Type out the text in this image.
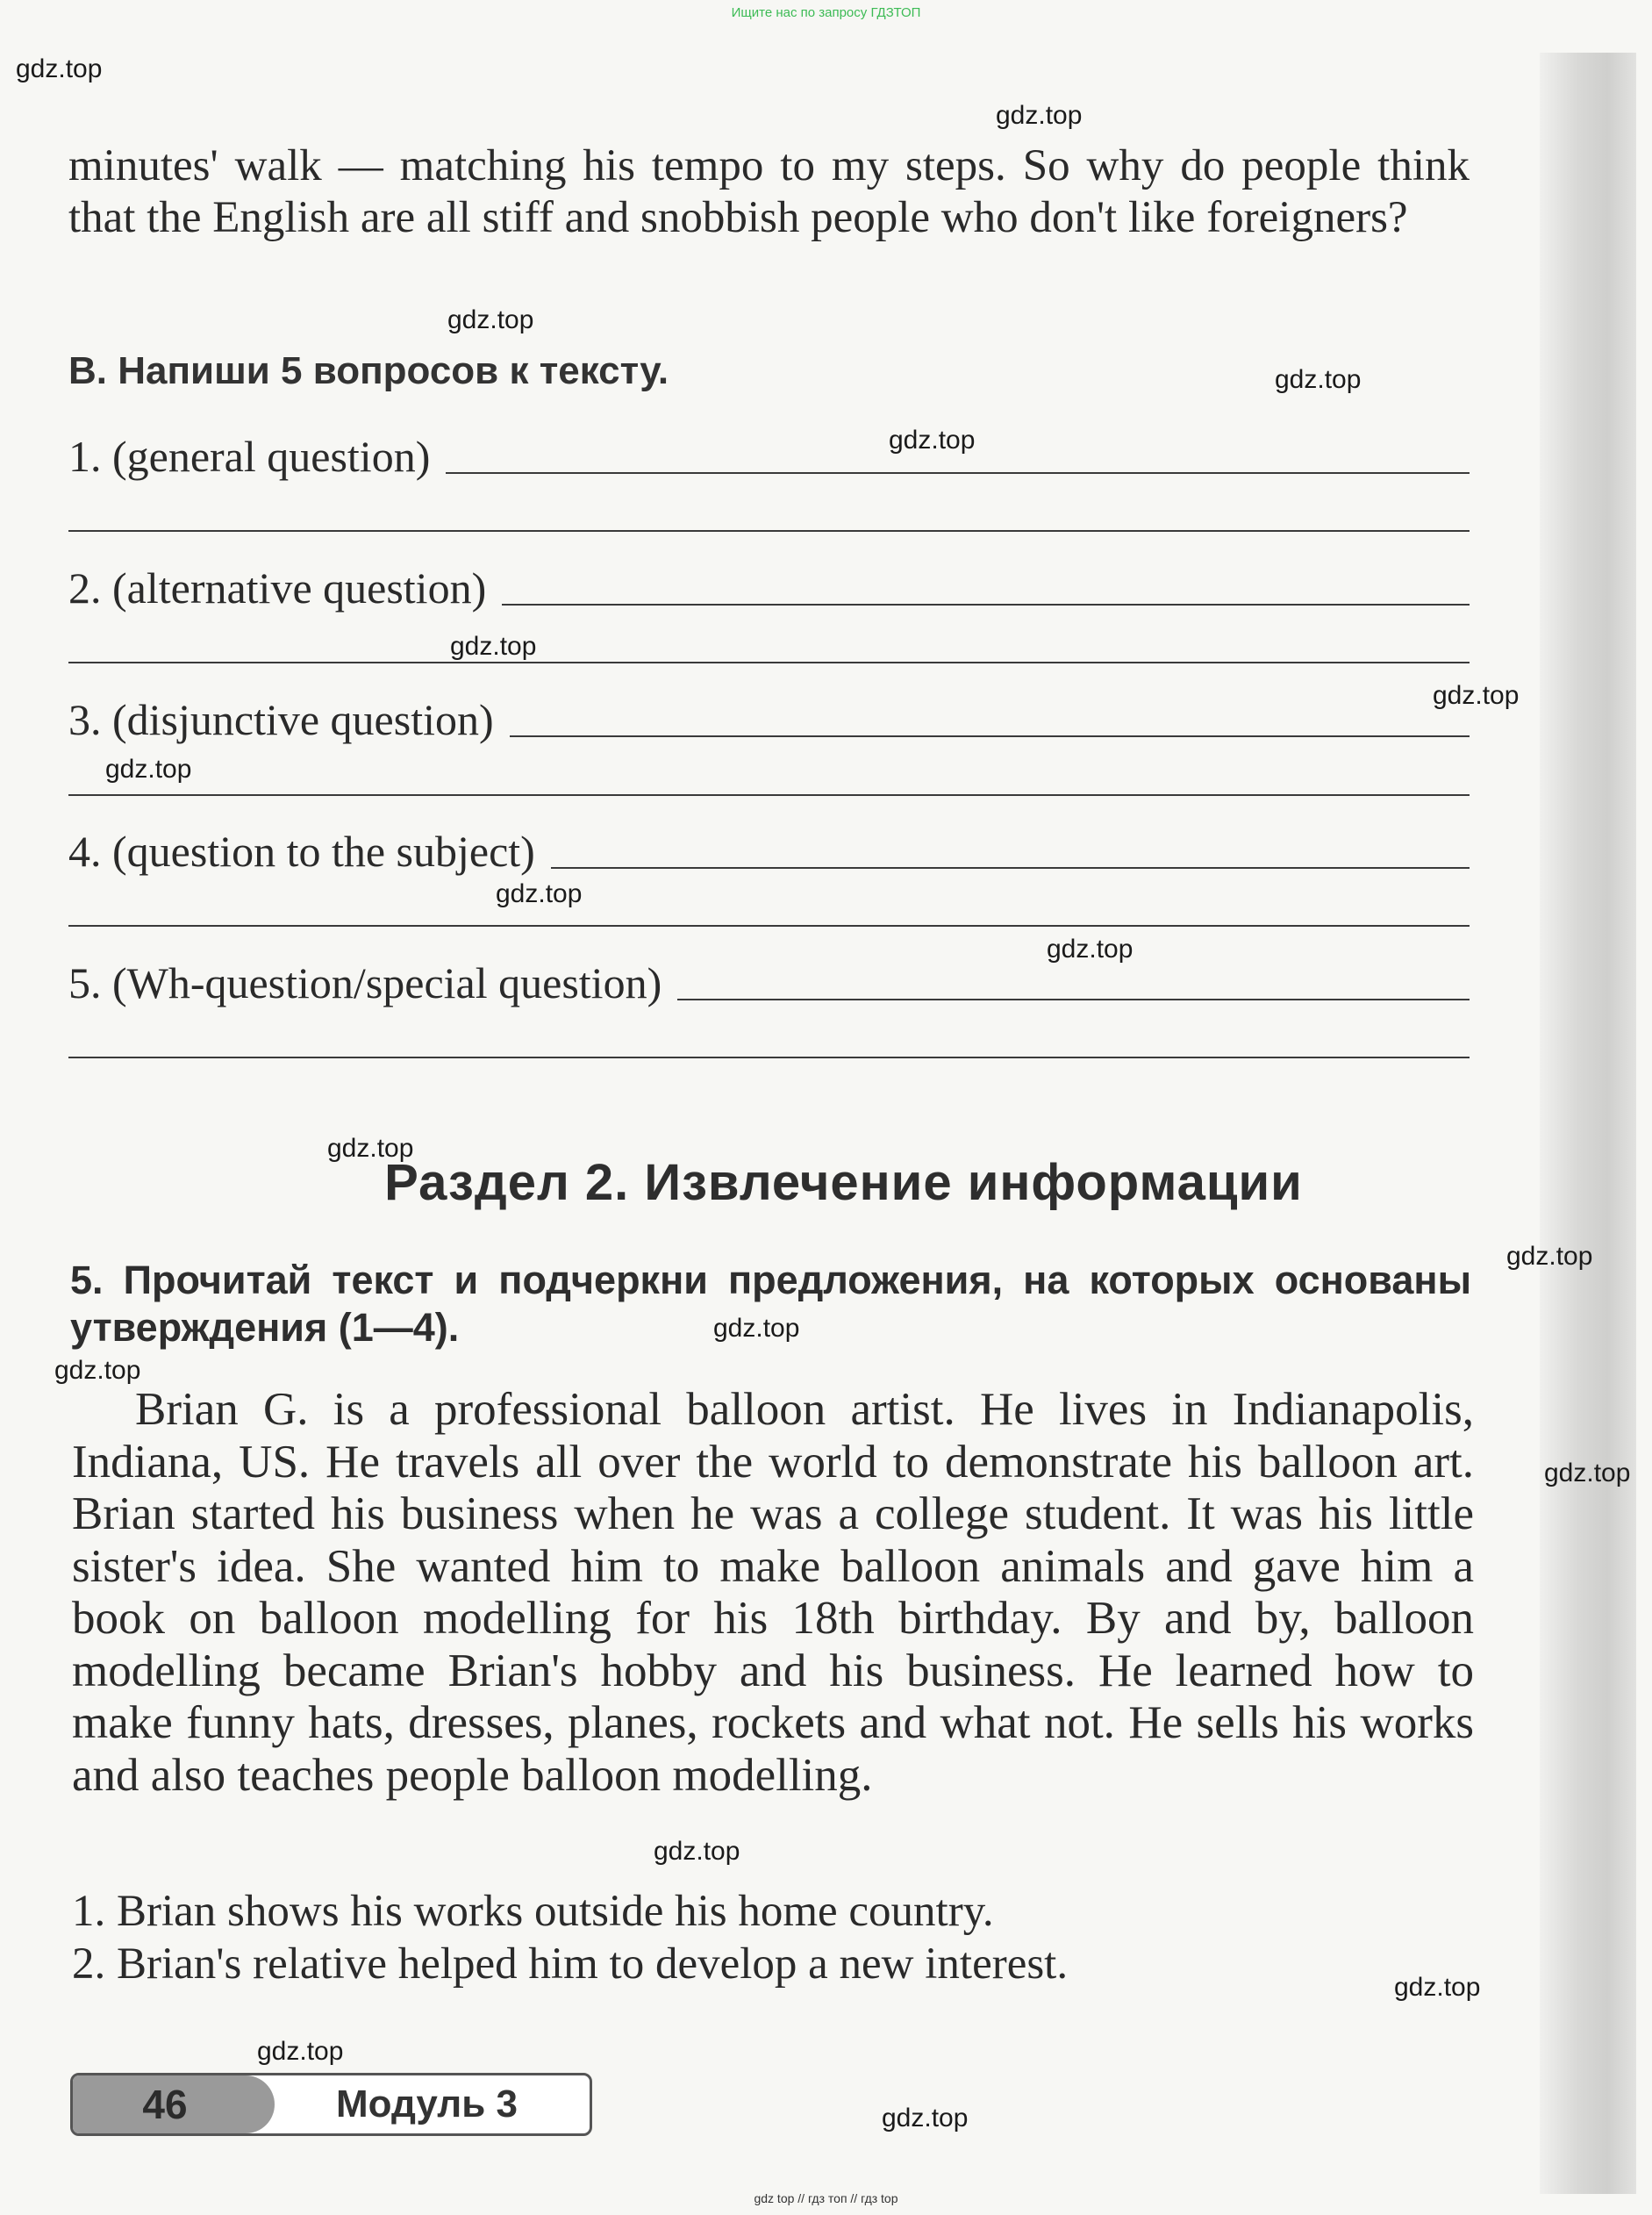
Ищите нас по запросу ГДЗТОП
minutes' walk — matching his tempo to my steps. So why do people think that the English are all stiff and snobbish people who don't like foreigners?
B. Напиши 5 вопросов к тексту.
1. (general question)
2. (alternative question)
3. (disjunctive question)
4. (question to the subject)
5. (Wh-question/special question)
Раздел 2. Извлечение информации
5. Прочитай текст и подчеркни предложения, на которых основаны утверждения (1—4).
Brian G. is a professional balloon artist. He lives in Indianapolis, Indiana, US. He travels all over the world to demonstrate his balloon art. Brian started his business when he was a college student. It was his little sister's idea. She wanted him to make balloon animals and gave him a book on balloon modelling for his 18th birthday. By and by, balloon modelling became Brian's hobby and his business. He learned how to make funny hats, dresses, planes, rockets and what not. He sells his works and also teaches people balloon modelling.
1. Brian shows his works outside his home country.
2. Brian's relative helped him to develop a new interest.
46	Модуль 3
gdz.top
gdz.top
gdz.top
gdz.top
gdz.top
gdz.top
gdz.top
gdz.top
gdz.top
gdz.top
gdz.top
gdz.top
gdz.top
gdz.top
gdz.top
gdz.top
gdz.top
gdz.top
gdz.top
gdz top // гдз топ // гдз top
